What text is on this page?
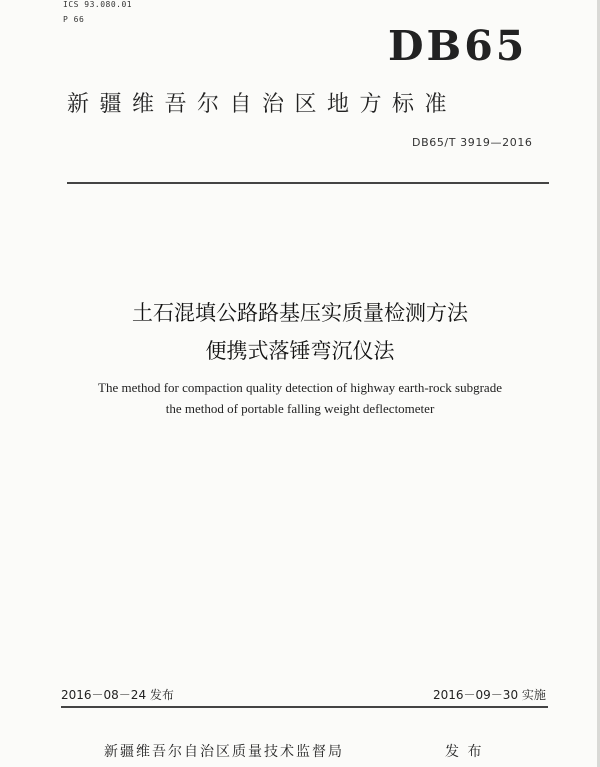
ICS 93.080.01
P 66
DB65
新疆维吾尔自治区地方标准
DB65/T 3919—2016
土石混填公路路基压实质量检测方法
便携式落锤弯沉仪法
The method for compaction quality detection of highway earth-rock subgrade
the method of portable falling weight deflectometer
2016－08－24 发布	2016－09－30 实施
新疆维吾尔自治区质量技术监督局	发 布
